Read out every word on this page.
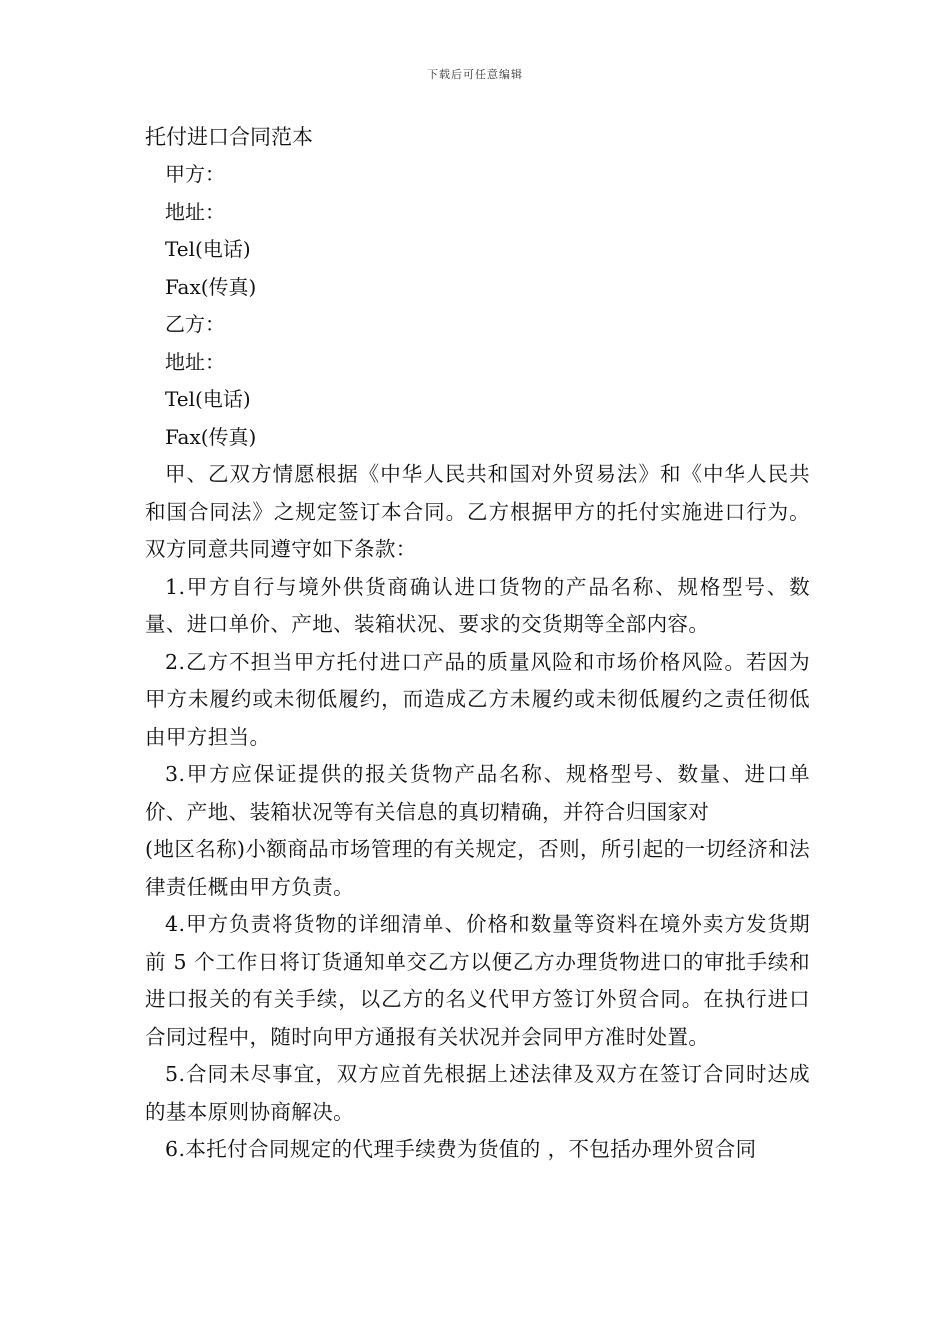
下载后可任意编辑
托付进口合同范本

甲方：

地址：

Tel(电话)

Fax(传真)

乙方：

地址：

Tel(电话)

Fax(传真)

甲、乙双方情愿根据《中华人民共和国对外贸易法》和《中华人民共和国合同法》之规定签订本合同。乙方根据甲方的托付实施进口行为。双方同意共同遵守如下条款：

1.甲方自行与境外供货商确认进口货物的产品名称、规格型号、数量、进口单价、产地、装箱状况、要求的交货期等全部内容。

2.乙方不担当甲方托付进口产品的质量风险和市场价格风险。若因为甲方未履约或未彻低履约，而造成乙方未履约或未彻低履约之责任彻低由甲方担当。

3.甲方应保证提供的报关货物产品名称、规格型号、数量、进口单价、产地、装箱状况等有关信息的真切精确，并符合归国家对

(地区名称)小额商品市场管理的有关规定，否则，所引起的一切经济和法律责任概由甲方负责。

4.甲方负责将货物的详细清单、价格和数量等资料在境外卖方发货期前 5 个工作日将订货通知单交乙方以便乙方办理货物进口的审批手续和进口报关的有关手续，以乙方的名义代甲方签订外贸合同。在执行进口合同过程中，随时向甲方通报有关状况并会同甲方准时处置。

5.合同未尽事宜，双方应首先根据上述法律及双方在签订合同时达成的基本原则协商解决。

6.本托付合同规定的代理手续费为货值的 ，不包括办理外贸合同
